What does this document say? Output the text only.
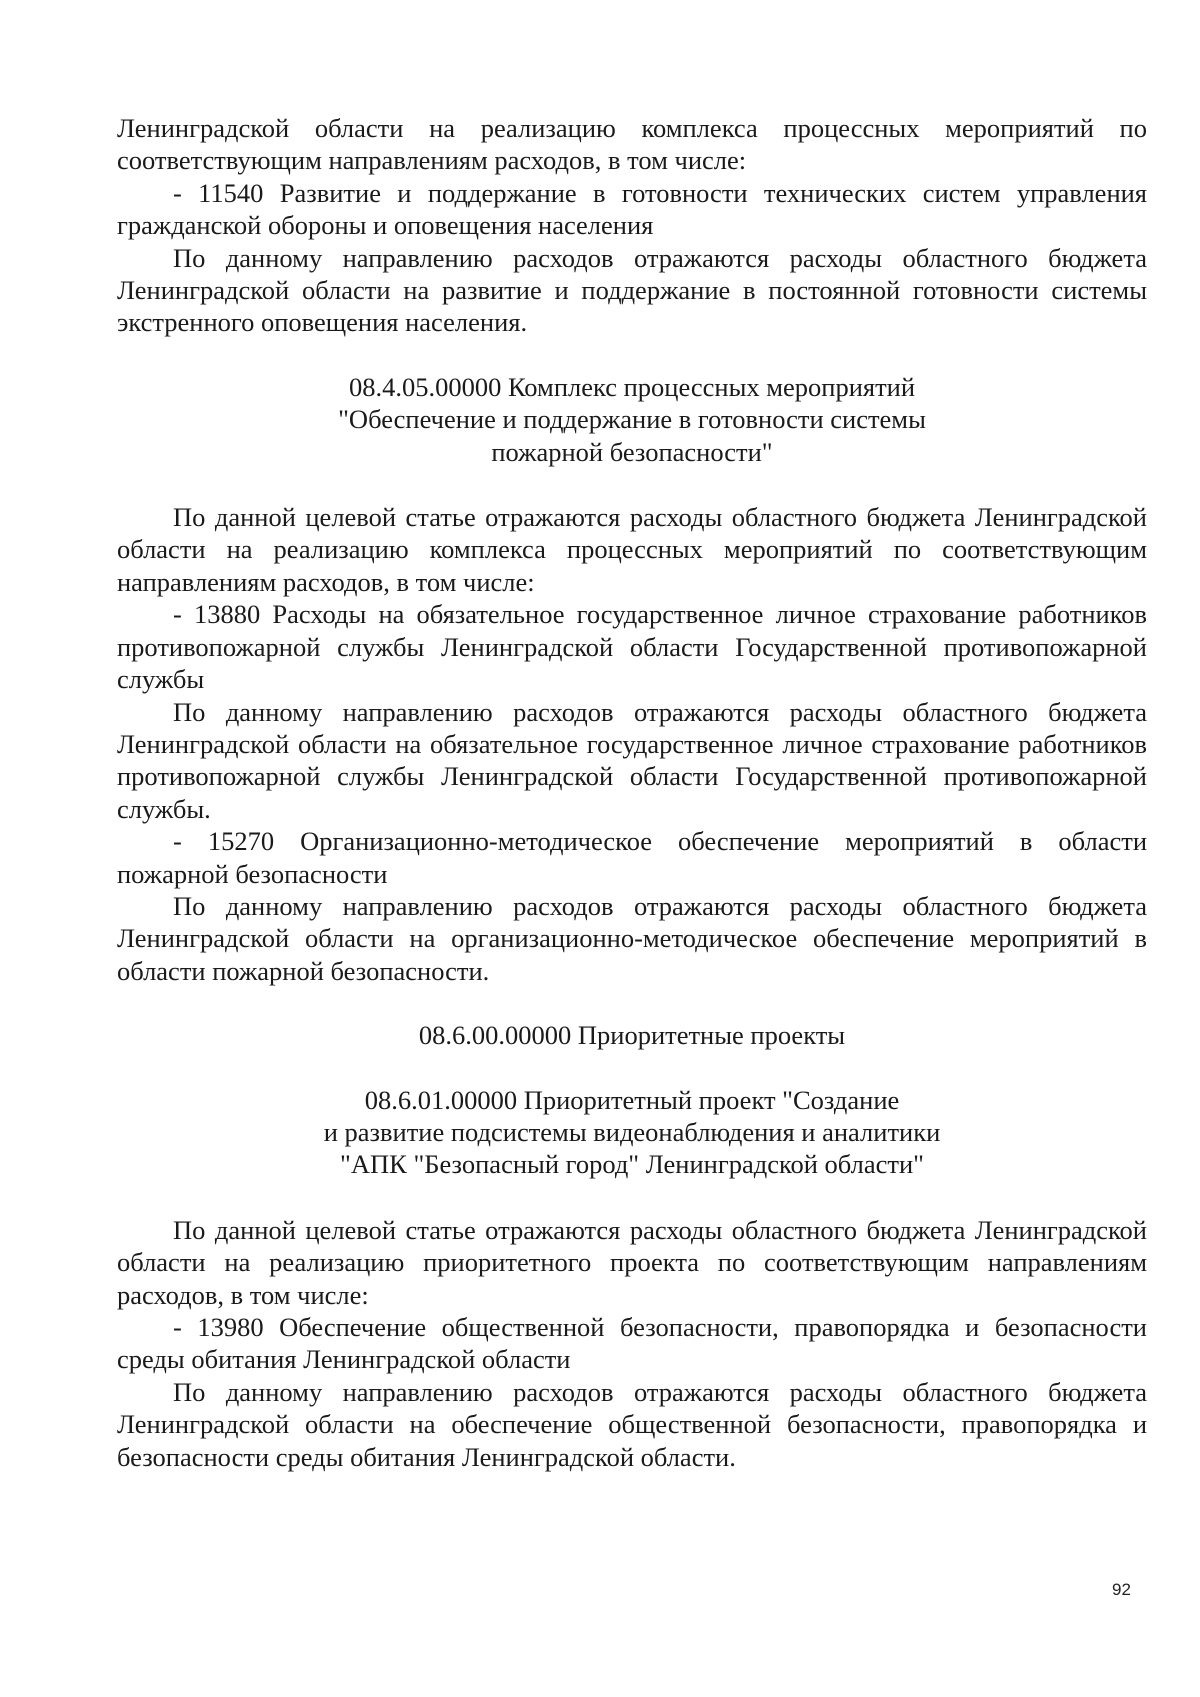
Ленинградской области на реализацию комплекса процессных мероприятий по соответствующим направлениям расходов, в том числе:

- 11540 Развитие и поддержание в готовности технических систем управления гражданской обороны и оповещения населения

По данному направлению расходов отражаются расходы областного бюджета Ленинградской области на развитие и поддержание в постоянной готовности системы экстренного оповещения населения.

08.4.05.00000 Комплекс процессных мероприятий

"Обеспечение и поддержание в готовности системы

пожарной безопасности"

По данной целевой статье отражаются расходы областного бюджета Ленинградской области на реализацию комплекса процессных мероприятий по соответствующим направлениям расходов, в том числе:

- 13880 Расходы на обязательное государственное личное страхование работников противопожарной службы Ленинградской области Государственной противопожарной службы

По данному направлению расходов отражаются расходы областного бюджета Ленинградской области на обязательное государственное личное страхование работников противопожарной службы Ленинградской области Государственной противопожарной службы.

- 15270 Организационно-методическое обеспечение мероприятий в области пожарной безопасности

По данному направлению расходов отражаются расходы областного бюджета Ленинградской области на организационно-методическое обеспечение мероприятий в области пожарной безопасности.

08.6.00.00000 Приоритетные проекты

08.6.01.00000 Приоритетный проект "Создание

и развитие подсистемы видеонаблюдения и аналитики

"АПК "Безопасный город" Ленинградской области"

По данной целевой статье отражаются расходы областного бюджета Ленинградской области на реализацию приоритетного проекта по соответствующим направлениям расходов, в том числе:

- 13980 Обеспечение общественной безопасности, правопорядка и безопасности среды обитания Ленинградской области

По данному направлению расходов отражаются расходы областного бюджета Ленинградской области на обеспечение общественной безопасности, правопорядка и безопасности среды обитания Ленинградской области.

92
